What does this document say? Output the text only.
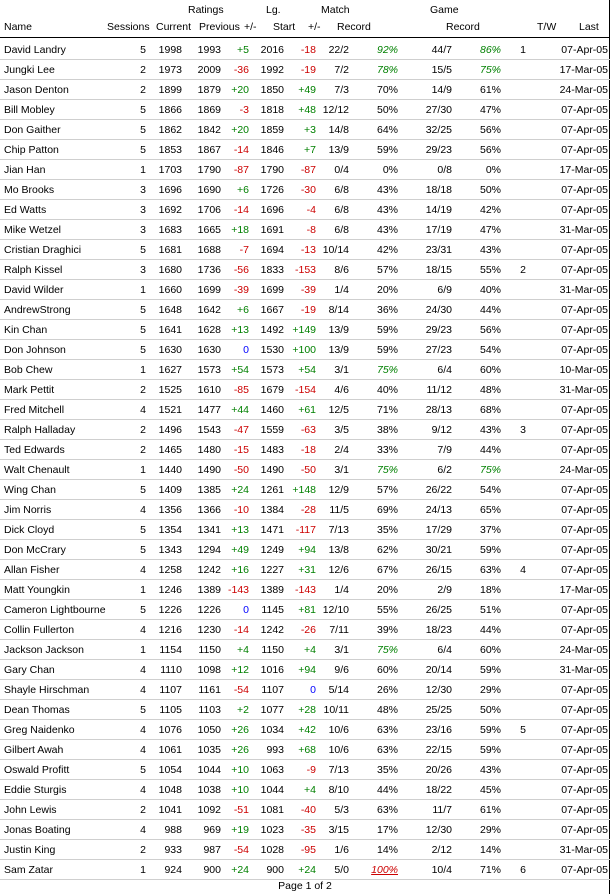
Ratings	Lg.	Match	Game
Name	Sessions Current Previous +/- Start +/- Record	Record	T/W Last
David Landry	5	1998	1993	+5	2016	-18	22/2	92%	44/7	86%	1	07-Apr-05
Jungki Lee	2	1973	2009	-36	1992	-19	7/2	78%	15/5	75%	17-Mar-05
Jason Denton	2	1899	1879 +20	1850	+49	7/3	70%	14/9	61%	24-Mar-05
Bill Mobley	5	1866	1869	-3	1818	+48 12/12	50%	27/30	47%	07-Apr-05
Don Gaither	5	1862	1842 +20	1859	+3	14/8	64%	32/25	56%	07-Apr-05
Chip Patton	5	1853	1867	-14	1846	+7	13/9	59%	29/23	56%	07-Apr-05
Jian Han	1	1703	1790	-87	1790	-87	0/4	0%	0/8	0%	17-Mar-05
Mo Brooks	3	1696	1690	+6	1726	-30	6/8	43%	18/18	50%	07-Apr-05
Ed Watts	3	1692	1706	-14	1696	-4	6/8	43%	14/19	42%	07-Apr-05
Mike Wetzel	3	1683	1665 +18	1691	-8	6/8	43%	17/19	47%	31-Mar-05
Cristian Draghici	5	1681	1688	-7	1694	-13 10/14	42%	23/31	43%	07-Apr-05
Ralph Kissel	3	1680	1736	-56	1833	-153	8/6	57%	18/15	55%	2	07-Apr-05
David Wilder	1	1660	1699	-39	1699	-39	1/4	20%	6/9	40%	31-Mar-05
AndrewStrong	5	1648	1642	+6	1667	-19	8/14	36%	24/30	44%	07-Apr-05
Kin Chan	5	1641	1628 +13	1492 +149	13/9	59%	29/23	56%	07-Apr-05
Don Johnson	5	1630	1630	0	1530 +100	13/9	59%	27/23	54%	07-Apr-05
Bob Chew	1	1627	1573 +54	1573	+54	3/1	75%	6/4	60%	10-Mar-05
Mark Pettit	2	1525	1610	-85	1679	-154	4/6	40%	11/12	48%	31-Mar-05
Fred Mitchell	4	1521	1477 +44	1460	+61	12/5	71%	28/13	68%	07-Apr-05
Ralph Halladay	2	1496	1543	-47	1559	-63	3/5	38%	9/12	43%	3	07-Apr-05
Ted Edwards	2	1465	1480	-15	1483	-18	2/4	33%	7/9	44%	07-Apr-05
Walt Chenault	1	1440	1490	-50	1490	-50	3/1	75%	6/2	75%	24-Mar-05
Wing Chan	5	1409	1385 +24	1261 +148	12/9	57%	26/22	54%	07-Apr-05
Jim Norris	4	1356	1366	-10	1384	-28	11/5	69%	24/13	65%	07-Apr-05
Dick Cloyd	5	1354	1341 +13	1471	-117	7/13	35%	17/29	37%	07-Apr-05
Don McCrary	5	1343	1294 +49	1249	+94	13/8	62%	30/21	59%	07-Apr-05
Allan Fisher	4	1258	1242 +16	1227	+31	12/6	67%	26/15	63%	4	07-Apr-05
Matt Youngkin	1	1246	1389 -143	1389	-143	1/4	20%	2/9	18%	17-Mar-05
Cameron Lightbourne	5	1226	1226	0	1145	+81 12/10	55%	26/25	51%	07-Apr-05
Collin Fullerton	4	1216	1230	-14	1242	-26	7/11	39%	18/23	44%	07-Apr-05
Jackson Jackson	1	1154	1150	+4	1150	+4	3/1	75%	6/4	60%	24-Mar-05
Gary Chan	4	1110	1098 +12	1016	+94	9/6	60%	20/14	59%	31-Mar-05
Shayle Hirschman	4	1107	1161	-54	1107	0	5/14	26%	12/30	29%	07-Apr-05
Dean Thomas	5	1105	1103	+2	1077	+28 10/11	48%	25/25	50%	07-Apr-05
Greg Naidenko	4	1076	1050 +26	1034	+42	10/6	63%	23/16	59%	5	07-Apr-05
Gilbert Awah	4	1061	1035 +26	993	+68	10/6	63%	22/15	59%	07-Apr-05
Oswald Profitt	5	1054	1044 +10	1063	-9	7/13	35%	20/26	43%	07-Apr-05
Eddie Sturgis	4	1048	1038 +10	1044	+4	8/10	44%	18/22	45%	07-Apr-05
John Lewis	2	1041	1092	-51	1081	-40	5/3	63%	11/7	61%	07-Apr-05
Jonas Boating	4	988	969 +19	1023	-35	3/15	17%	12/30	29%	07-Apr-05
Justin King	2	933	987	-54	1028	-95	1/6	14%	2/12	14%	31-Mar-05
Sam Zatar	1	924	900 +24	900	+24	5/0	100%	10/4	71%	6	07-Apr-05
Page 1 of 2
